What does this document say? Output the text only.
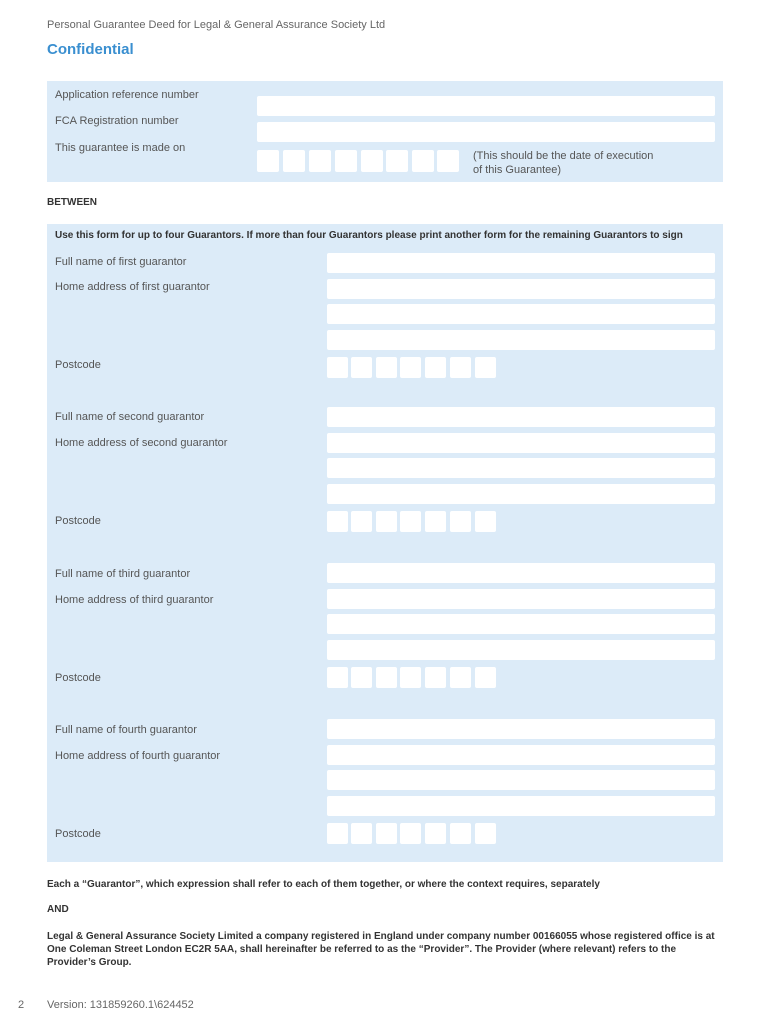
Personal Guarantee Deed for Legal & General Assurance Society Ltd
Confidential
Application reference number
FCA Registration number
This guarantee is made on
(This should be the date of execution
of this Guarantee)
BETWEEN
Use this form for up to four Guarantors. If more than four Guarantors please print another form for the remaining Guarantors to sign
Full name of first guarantor
Home address of first guarantor
Postcode
Full name of second guarantor
Home address of second guarantor
Postcode
Full name of third guarantor
Home address of third guarantor
Postcode
Full name of fourth guarantor
Home address of fourth guarantor
Postcode
Each a “Guarantor”, which expression shall refer to each of them together, or where the context requires, separately
AND
Legal & General Assurance Society Limited a company registered in England under company number 00166055 whose registered office is at One Coleman Street London EC2R 5AA, shall hereinafter be referred to as the “Provider”. The Provider (where relevant) refers to the Provider’s Group.
2 Version: 131859260.1\624452
